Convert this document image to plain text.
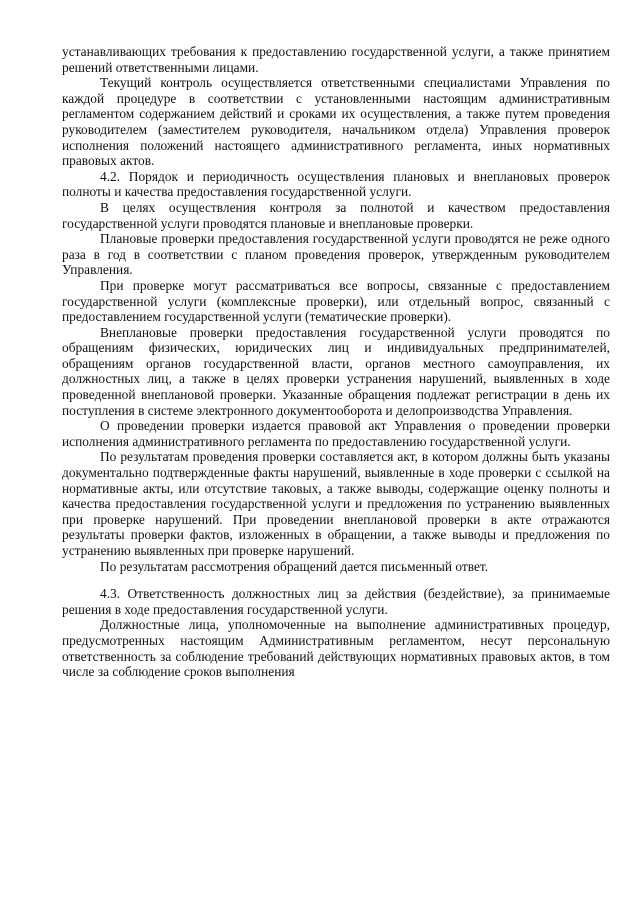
устанавливающих требования к предоставлению государственной услуги, а также принятием решений ответственными лицами.

Текущий контроль осуществляется ответственными специалистами Управления по каждой процедуре в соответствии с установленными настоящим административным регламентом содержанием действий и сроками их осуществления, а также путем проведения руководителем (заместителем руководителя, начальником отдела) Управления проверок исполнения положений настоящего административного регламента, иных нормативных правовых актов.

4.2. Порядок и периодичность осуществления плановых и внеплановых проверок полноты и качества предоставления государственной услуги.

В целях осуществления контроля за полнотой и качеством предоставления государственной услуги проводятся плановые и внеплановые проверки.

Плановые проверки предоставления государственной услуги проводятся не реже одного раза в год в соответствии с планом проведения проверок, утвержденным руководителем Управления.

При проверке могут рассматриваться все вопросы, связанные с предоставлением государственной услуги (комплексные проверки), или отдельный вопрос, связанный с предоставлением государственной услуги (тематические проверки).

Внеплановые проверки предоставления государственной услуги проводятся по обращениям физических, юридических лиц и индивидуальных предпринимателей, обращениям органов государственной власти, органов местного самоуправления, их должностных лиц, а также в целях проверки устранения нарушений, выявленных в ходе проведенной внеплановой проверки. Указанные обращения подлежат регистрации в день их поступления в системе электронного документооборота и делопроизводства Управления.

О проведении проверки издается правовой акт Управления о проведении проверки исполнения административного регламента по предоставлению государственной услуги.

По результатам проведения проверки составляется акт, в котором должны быть указаны документально подтвержденные факты нарушений, выявленные в ходе проверки с ссылкой на нормативные акты, или отсутствие таковых, а также выводы, содержащие оценку полноты и качества предоставления государственной услуги и предложения по устранению выявленных при проверке нарушений. При проведении внеплановой проверки в акте отражаются результаты проверки фактов, изложенных в обращении, а также выводы и предложения по устранению выявленных при проверке нарушений.

По результатам рассмотрения обращений дается письменный ответ.

4.3. Ответственность должностных лиц за действия (бездействие), за принимаемые решения в ходе предоставления государственной услуги.

Должностные лица, уполномоченные на выполнение административных процедур, предусмотренных настоящим Административным регламентом, несут персональную ответственность за соблюдение требований действующих нормативных правовых актов, в том числе за соблюдение сроков выполнения
